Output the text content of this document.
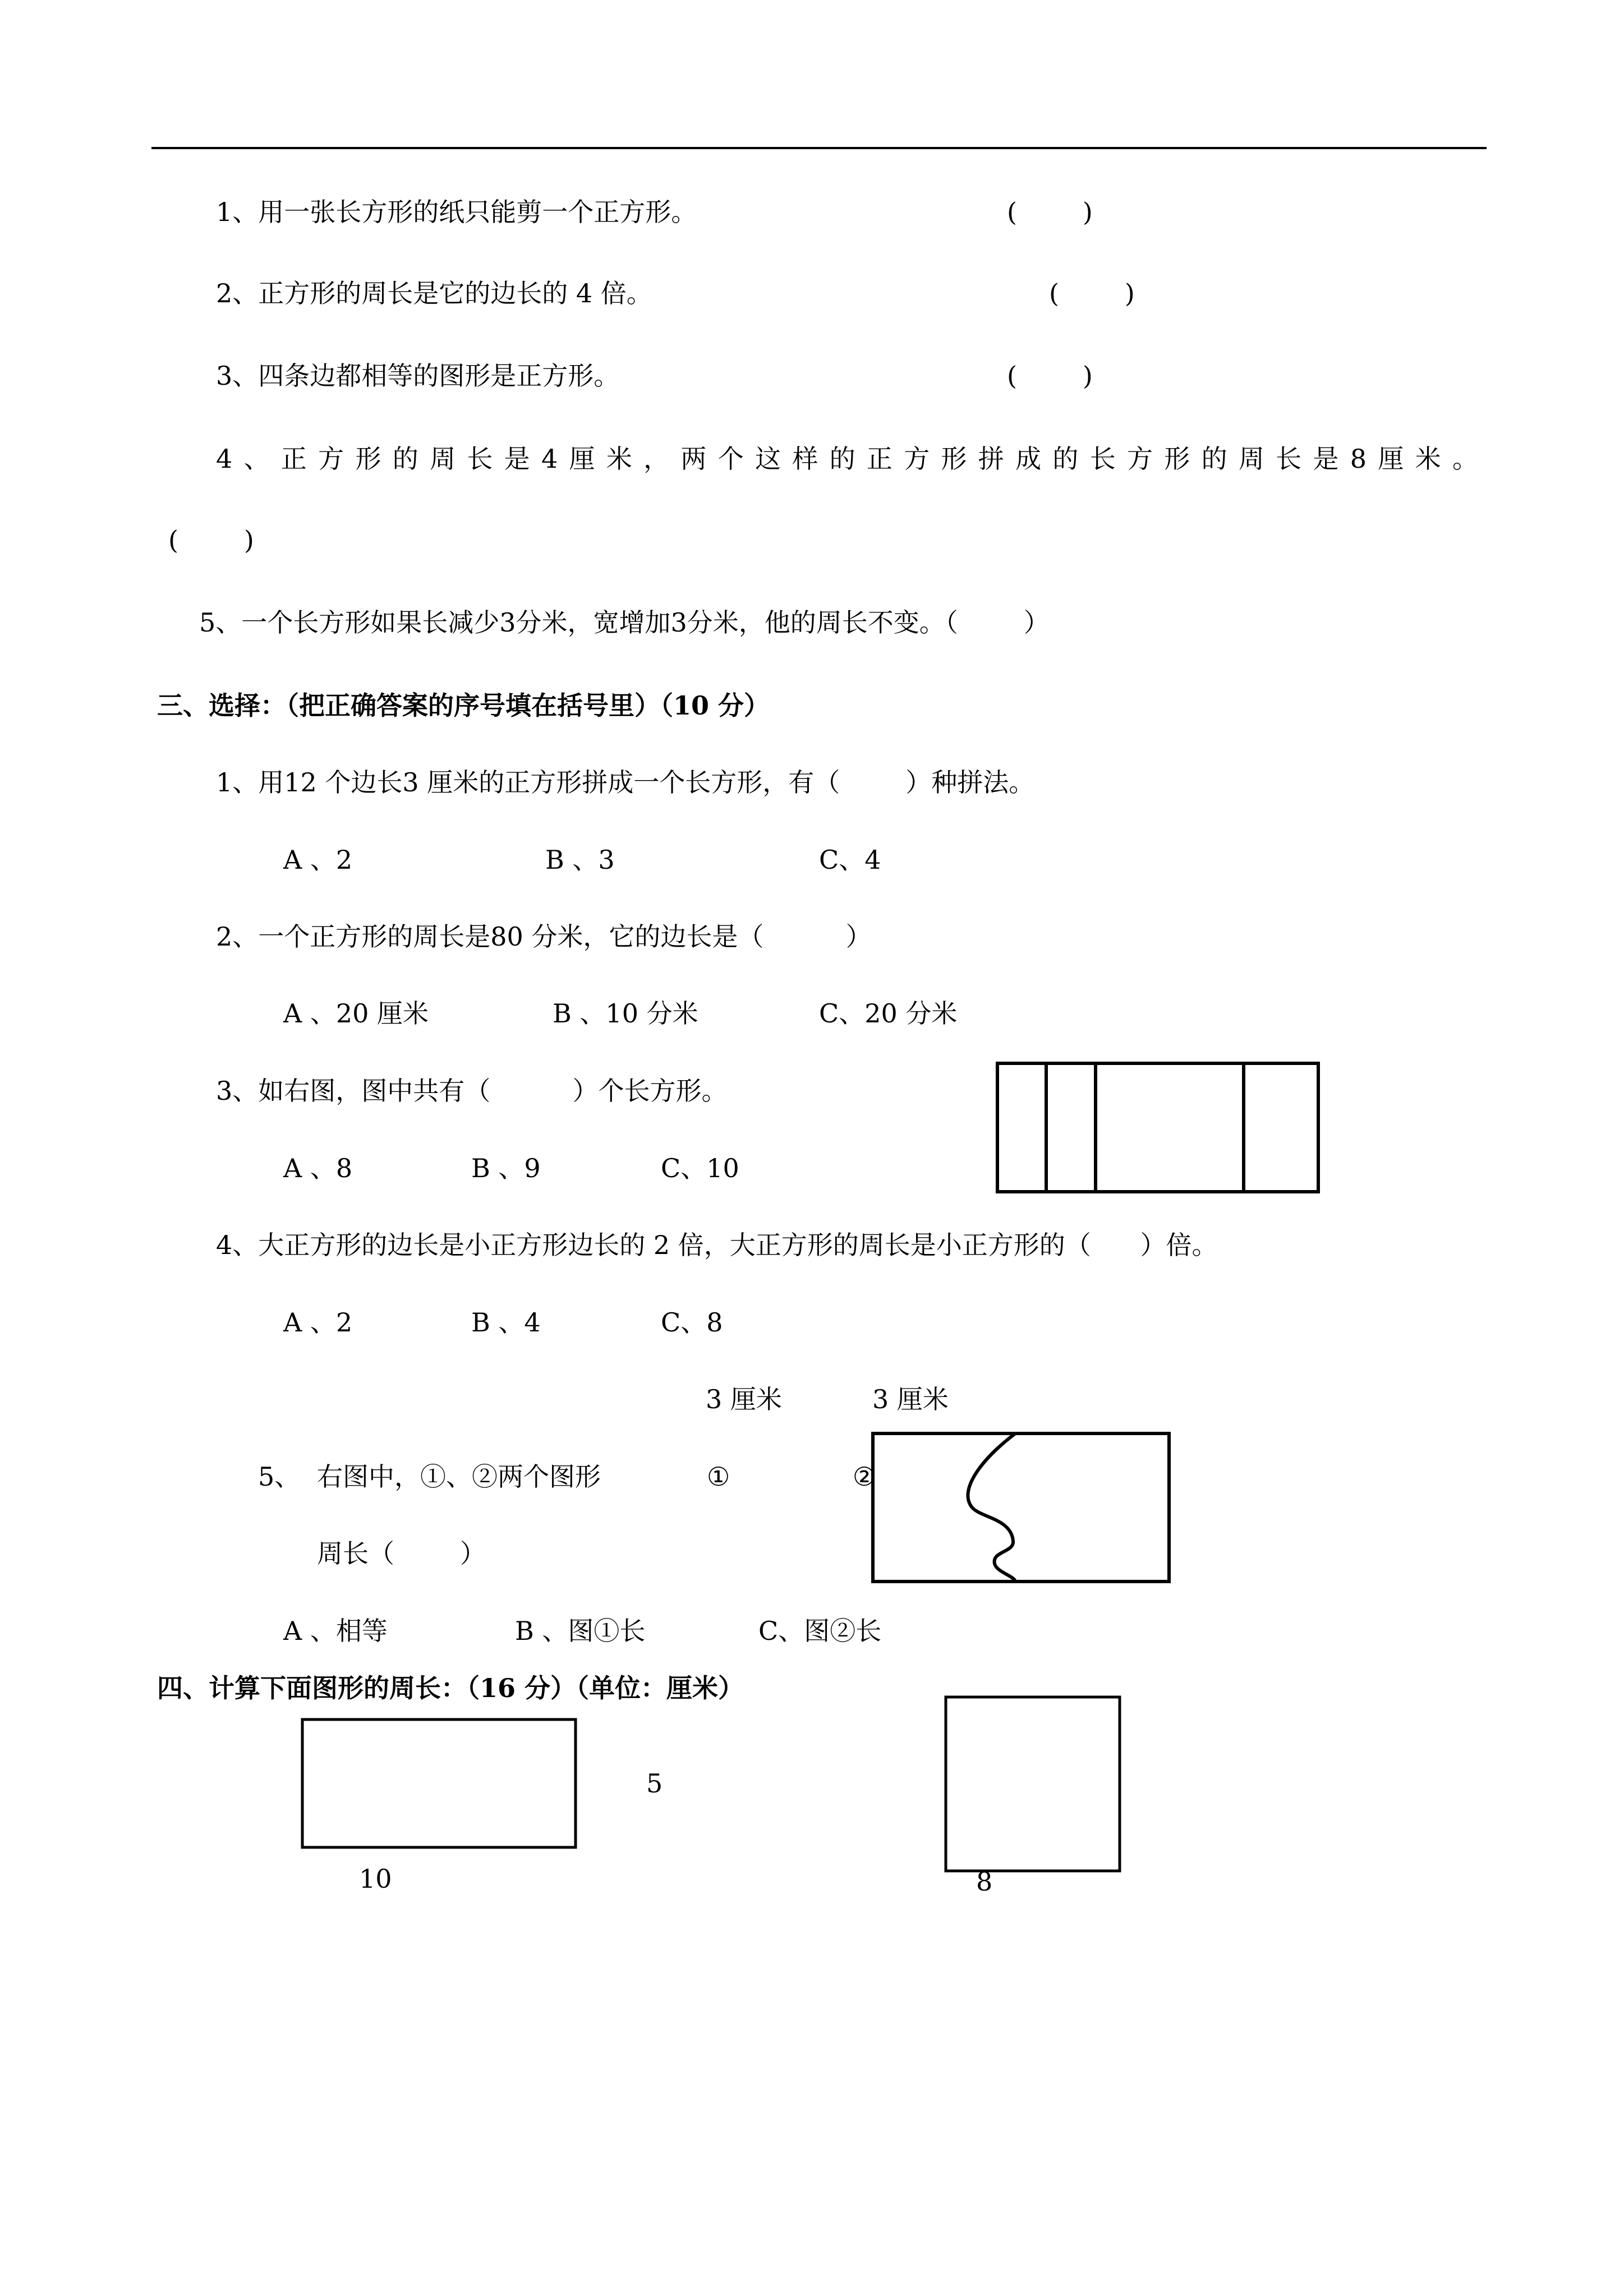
1、用一张长方形的纸只能剪一个正方形。	(        )
2、正方形的周长是它的边长的 4 倍。	(        )
3、四条边都相等的图形是正方形。	(        )
4 、 正 方 形 的 周 长 是 4 厘 米 ， 两 个 这 样 的 正 方 形 拼 成 的 长 方 形 的 周 长 是 8 厘 米 。
(        )
5、一个长方形如果长减少3分米，宽增加3分米，他的周长不变。（        ）
三、选择：（把正确答案的序号填在括号里）（10 分）
1、用12 个边长3 厘米的正方形拼成一个长方形，有（        ）种拼法。
A 、2	B 、3	C、4
2、一个正方形的周长是80 分米，它的边长是（          ）
A 、20 厘米	B 、10 分米	C、20 分米
3、如右图，图中共有（          ）个长方形。
A 、8	B 、9	C、10
4、大正方形的边长是小正方形边长的 2 倍，大正方形的周长是小正方形的（      ）倍。
A 、2	B 、4	C、8
3 厘米	3 厘米
5、 右图中，①、②两个图形	①	②
周长（        ）
A 、相等	B 、图①长	C、图②长
四、计算下面图形的周长：（16 分）（单位：厘米）
5
10	8
